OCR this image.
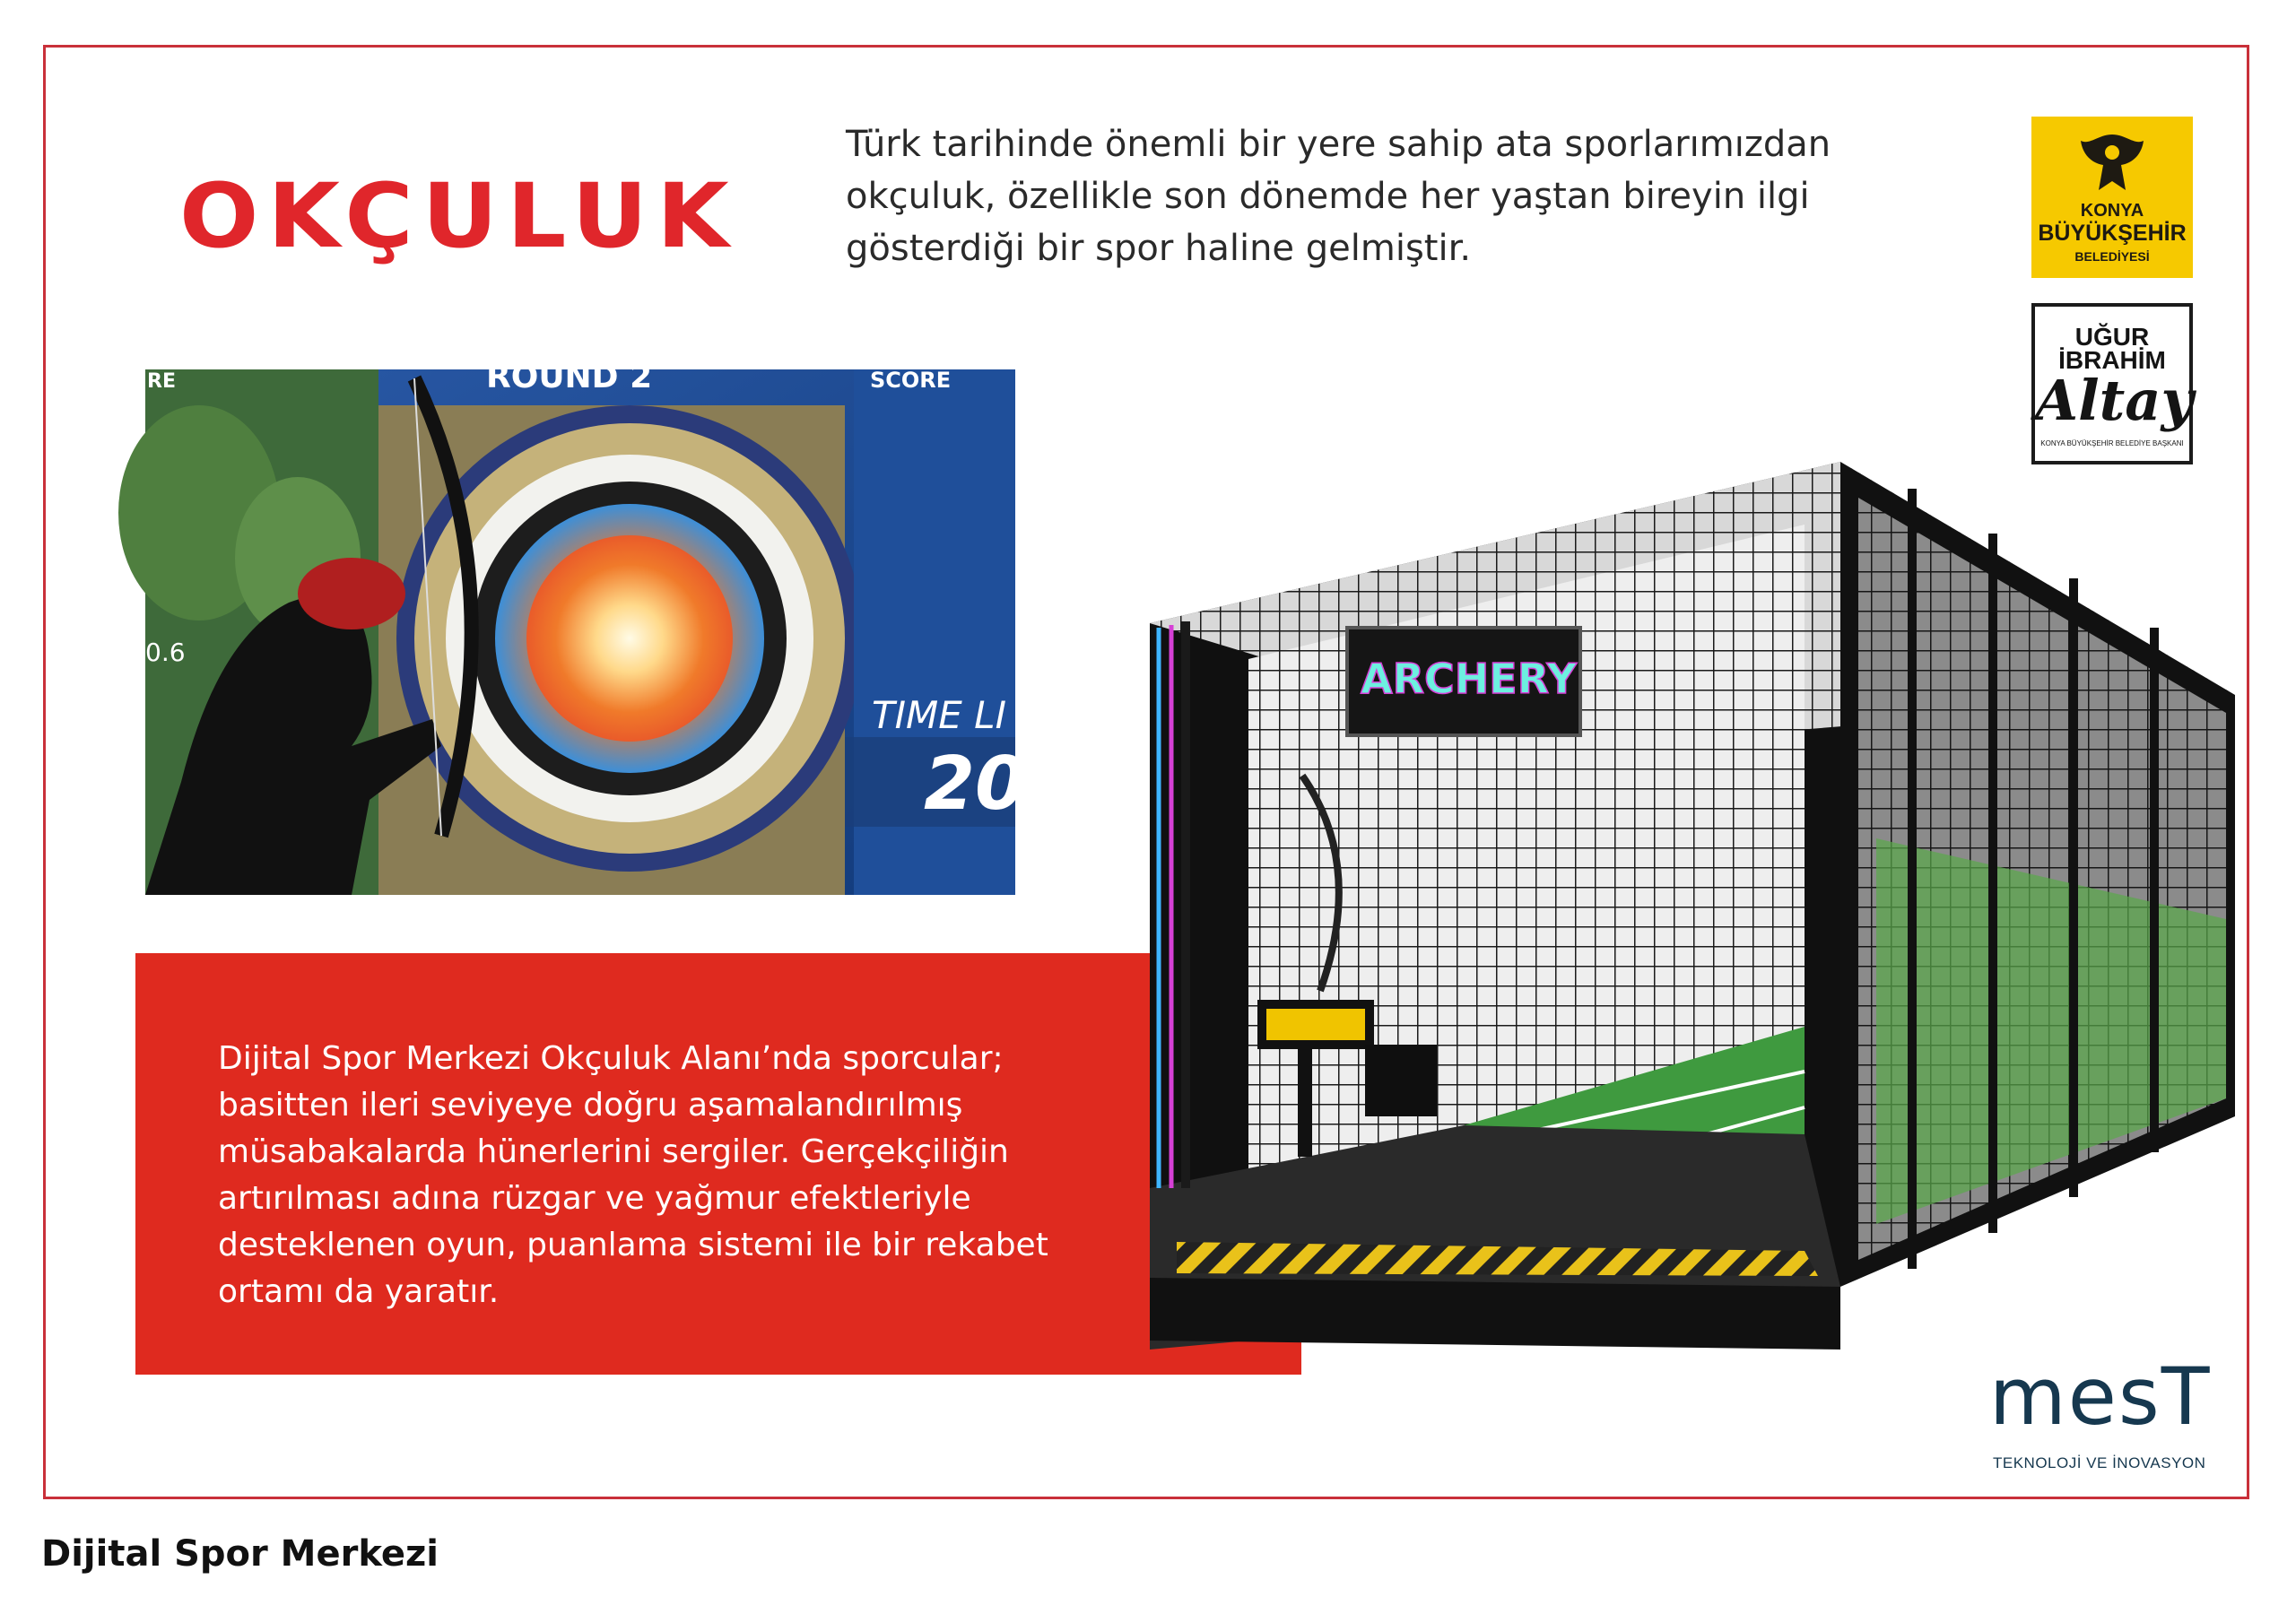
OKÇULUK

Türk tarihinde önemli bir yere sahip ata sporlarımızdan okçuluk, özellikle son dönemde her yaştan bireyin ilgi gösterdiği bir spor haline gelmiştir.

ROUND 2	SCORE
RE
0.6
TIME LI
20

Dijital Spor Merkezi Okçuluk Alanı’nda sporcular; basitten ileri seviyeye doğru aşamalandırılmış müsabakalarda hünerlerini sergiler. Gerçekçiliğin artırılması adına rüzgar ve yağmur efektleriyle desteklenen oyun, puanlama sistemi ile bir rekabet ortamı da yaratır.

ARCHERY
KONYA
BÜYÜKŞEHİR
BELEDİYESİ
UĞUR
İBRAHİM
Altay
KONYA BÜYÜKŞEHİR BELEDİYE BAŞKANI
mesT
TEKNOLOJİ VE İNOVASYON

Dijital Spor Merkezi
